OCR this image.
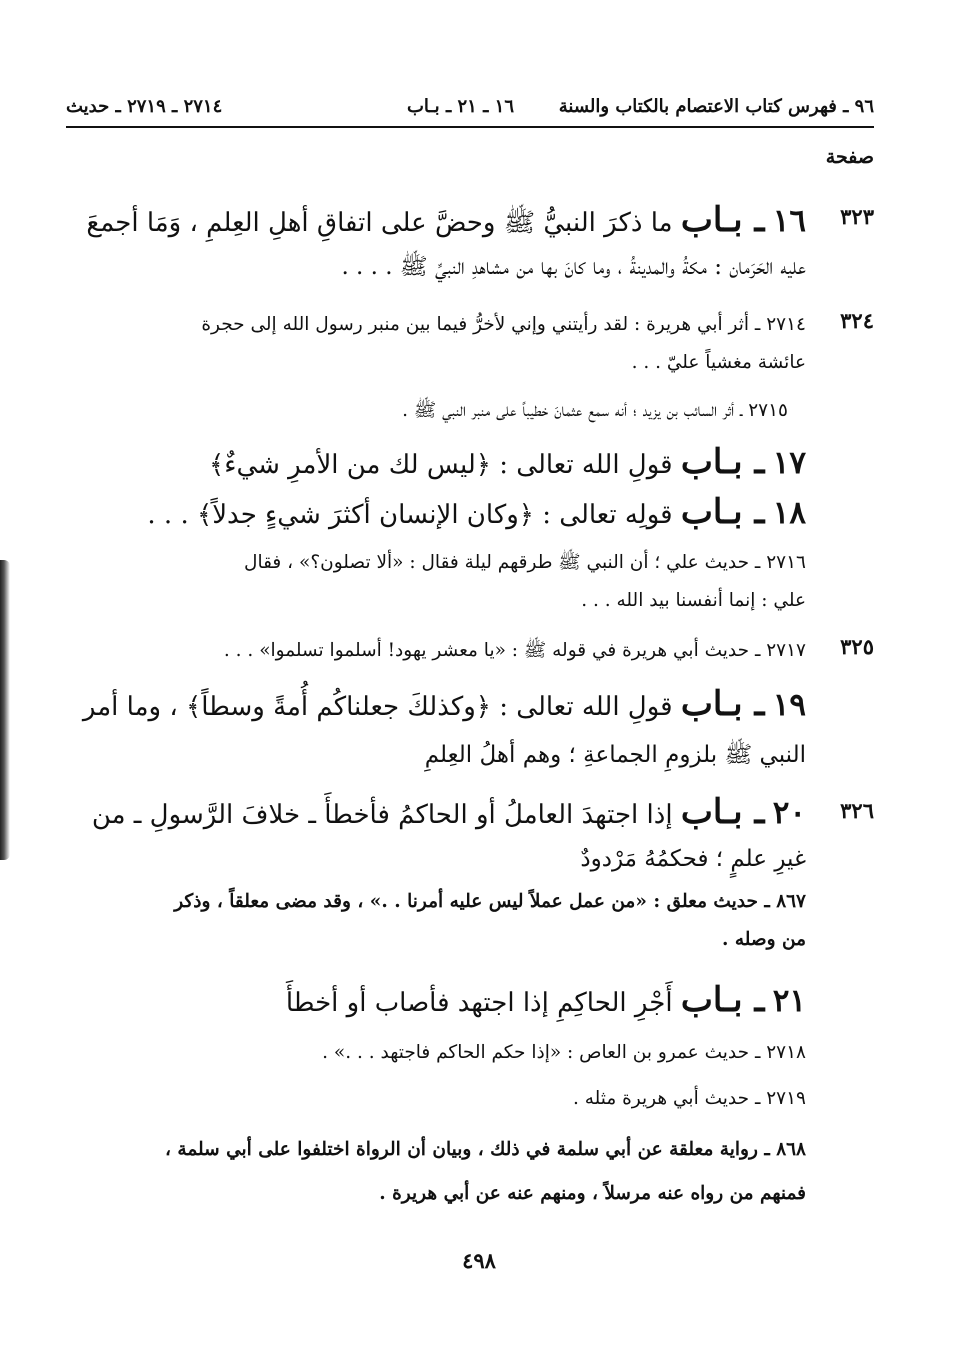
٩٦ ـ فهرس كتاب الاعتصام بالكتاب والسنة
١٦ ـ ٢١ ـ بـاب
٢٧١٤ ـ ٢٧١٩ ـ حديث
صفحة
٣٢٣
١٦ ـ بـاب ما ذكرَ النبيُّ ﷺ وحضَّ على اتفاقِ أهلِ العِلمِ ، وَمَا أجمعَ
عليه الحَرَمان : مكةُ والمدينةُ ، وما كانَ بها من مشاهدِ النبيِّ ﷺ . . . .
٣٢٤
٢٧١٤ ـ أثر أبي هريرة : لقد رأيتني وإني لأخرُّ فيما بين منبر رسول الله إلى حجرة
عائشة مغشياً عليّ . . .
٢٧١٥ ـ أثر السائب بن يزيد ؛ أنه سمع عثمانَ خطيباً على منبر النبي ﷺ .
١٧ ـ بـاب قولِ الله تعالى : ﴿ليس لك من الأمرِ شيءٌ﴾
١٨ ـ بـاب قولِه تعالى : ﴿وكان الإنسان أكثرَ شيءٍ جدلاً﴾ . . .
٢٧١٦ ـ حديث علي ؛ أن النبي ﷺ طرقهم ليلة فقال : «ألا تصلون؟» ، فقال
علي : إنما أنفسنا بيد الله . . .
٣٢٥
٢٧١٧ ـ حديث أبي هريرة في قوله ﷺ : «يا معشر يهود! أسلموا تسلموا» . . .
١٩ ـ بـاب قولِ الله تعالى : ﴿وكذلكَ جعلناكُم أُمةً وسطاً﴾ ، وما أمر
النبي ﷺ بلزومِ الجماعةِ ؛ وهم أهلُ العِلمِ
٣٢٦
٢٠ ـ بـاب إذا اجتهدَ العاملُ أو الحاكمُ فأخطأَ ـ خلافَ الرَّسولِ ـ من
غيرِ علمٍ ؛ فحكمُهُ مَرْدودٌ
٨٦٧ ـ حديث معلق : «من عمل عملاً ليس عليه أمرنا . .» ، وقد مضى معلقاً ، وذكر
من وصله .
٢١ ـ بـاب أَجْرِ الحاكِمِ إذا اجتهد فأصاب أو أخطأَ
٢٧١٨ ـ حديث عمرو بن العاص : «إذا حكم الحاكم فاجتهد . . .» .
٢٧١٩ ـ حديث أبي هريرة مثله .
٨٦٨ ـ رواية معلقة عن أبي سلمة في ذلك ، وبيان أن الرواة اختلفوا على أبي سلمة ،
فمنهم من رواه عنه مرسلاً ، ومنهم عنه عن أبي هريرة .
٤٩٨
